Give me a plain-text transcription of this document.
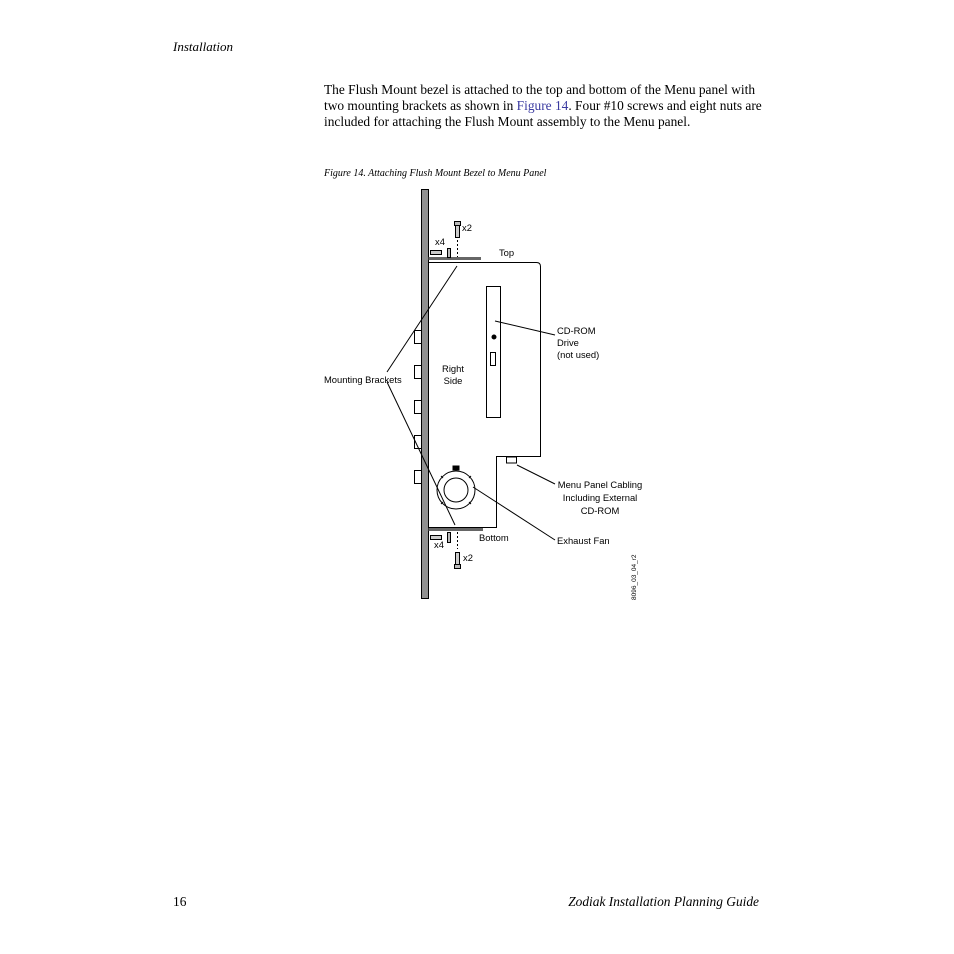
Installation

The Flush Mount bezel is attached to the top and bottom of the Menu panel with two mounting brackets as shown in Figure 14. Four #10 screws and eight nuts are included for attaching the Flush Mount assembly to the Menu panel.

Figure 14. Attaching Flush Mount Bezel to Menu Panel
x2
x4
Top
CD-ROM
Drive
(not used)
Mounting Brackets
Right
Side
Menu Panel Cabling
Including External
CD-ROM
x4
Bottom	Exhaust Fan
x2	8096_03_04_r2
16	Zodiak Installation Planning Guide
